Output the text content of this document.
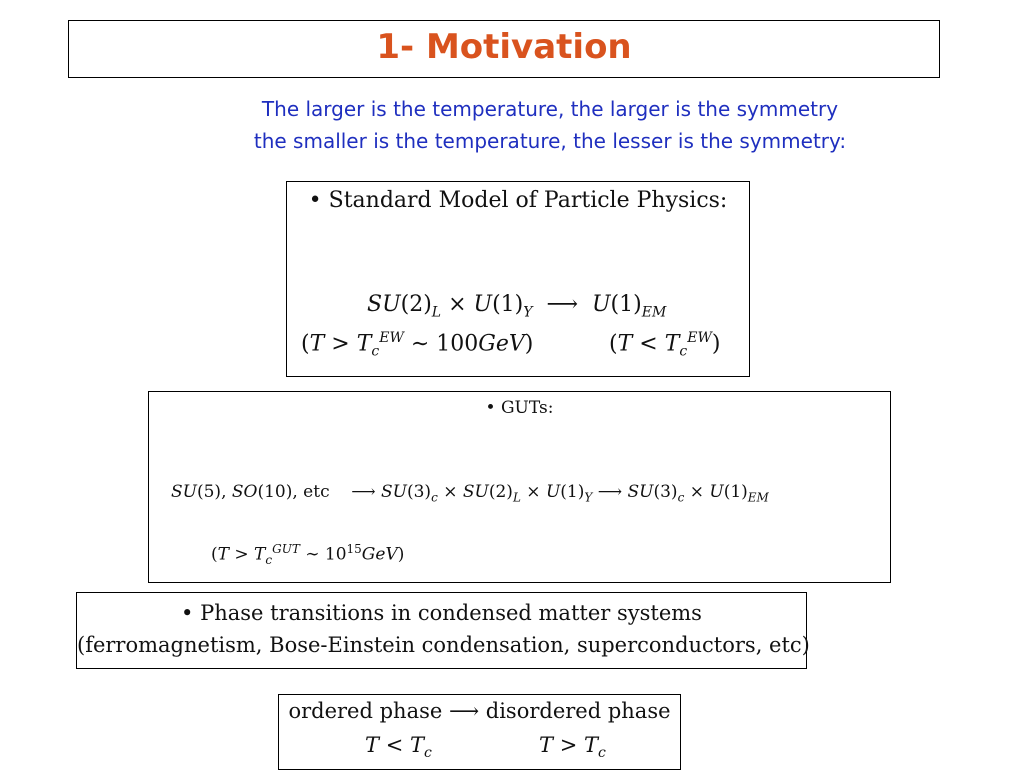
1- Motivation
The larger is the temperature, the larger is the symmetry
the smaller is the temperature, the lesser is the symmetry:
• Standard Model of Particle Physics:
$SU(2)_L \times U(1)_Y$  ⟶  $U(1)_{EM}$
($T > T_c^{EW}$ ∼ 100GeV)	$(T < T_c^{EW})$
• GUTs:
SU(5), SO(10), etc    ⟶ $SU(3)_c \times SU(2)_L \times U(1)_Y$ ⟶ $SU(3)_c \times U(1)_{EM}$
($T > T_c^{GUT}$ ∼ $10^{15}GeV$)
• Phase transitions in condensed matter systems
(ferromagnetism, Bose-Einstein condensation, superconductors, etc)
ordered phase ⟶ disordered phase
$T < T_c$	$T > T_c$
